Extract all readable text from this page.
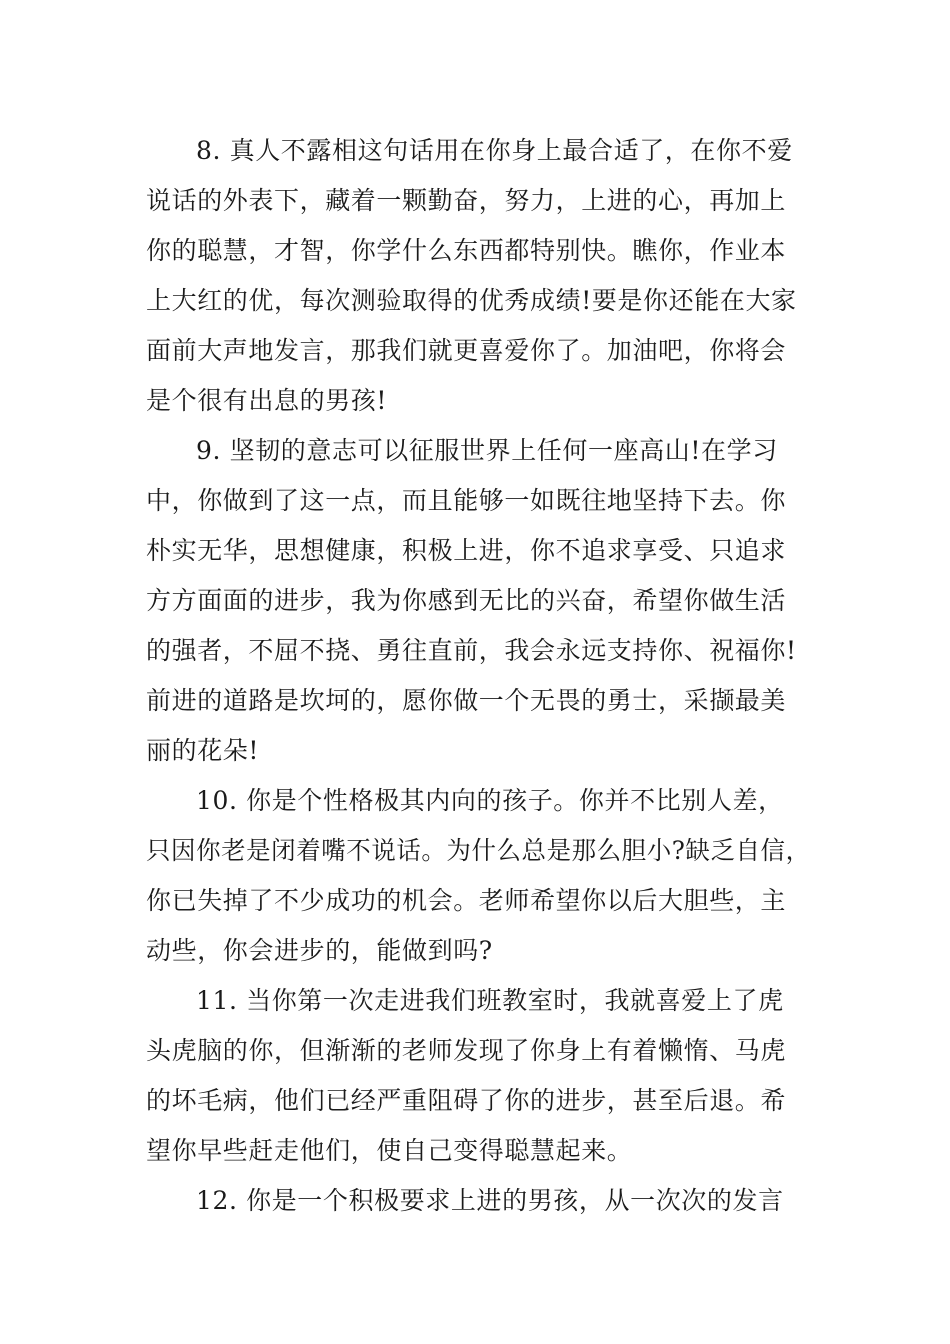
8. 真人不露相这句话用在你身上最合适了，在你不爱
说话的外表下，藏着一颗勤奋，努力，上进的心，再加上
你的聪慧，才智，你学什么东西都特别快。瞧你，作业本
上大红的优，每次测验取得的优秀成绩!要是你还能在大家
面前大声地发言，那我们就更喜爱你了。加油吧，你将会
是个很有出息的男孩!
9. 坚韧的意志可以征服世界上任何一座高山!在学习
中，你做到了这一点，而且能够一如既往地坚持下去。你
朴实无华，思想健康，积极上进，你不追求享受、只追求
方方面面的进步，我为你感到无比的兴奋，希望你做生活
的强者，不屈不挠、勇往直前，我会永远支持你、祝福你!
前进的道路是坎坷的，愿你做一个无畏的勇士，采撷最美
丽的花朵!
10. 你是个性格极其内向的孩子。你并不比别人差，
只因你老是闭着嘴不说话。为什么总是那么胆小?缺乏自信，
你已失掉了不少成功的机会。老师希望你以后大胆些，主
动些，你会进步的，能做到吗?
11. 当你第一次走进我们班教室时，我就喜爱上了虎
头虎脑的你，但渐渐的老师发现了你身上有着懒惰、马虎
的坏毛病，他们已经严重阻碍了你的进步，甚至后退。希
望你早些赶走他们，使自己变得聪慧起来。
12. 你是一个积极要求上进的男孩，从一次次的发言
